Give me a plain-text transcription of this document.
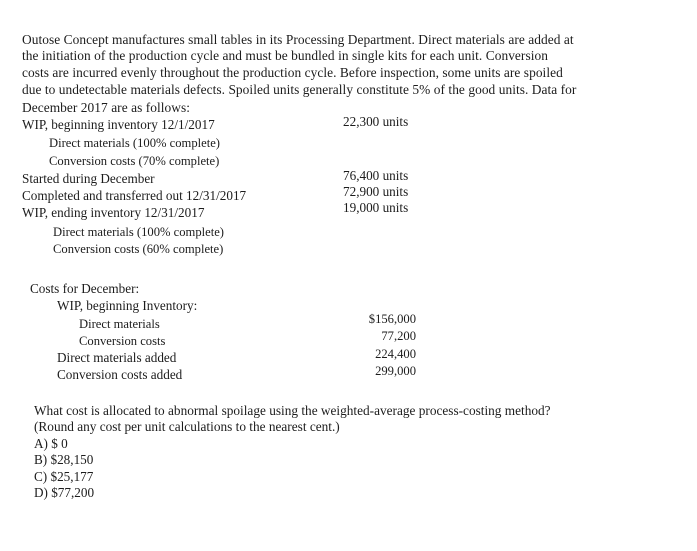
Outose Concept manufactures small tables in its Processing Department. Direct materials are added at
the initiation of the production cycle and must be bundled in single kits for each unit. Conversion
costs are incurred evenly throughout the production cycle. Before inspection, some units are spoiled
due to undetectable materials defects. Spoiled units generally constitute 5% of the good units. Data for
December 2017 are as follows:
WIP, beginning inventory 12/1/2017	22,300 units
Direct materials (100% complete)
Conversion costs (70% complete)
Started during December	76,400 units
Completed and transferred out 12/31/2017	72,900 units
WIP, ending inventory 12/31/2017	19,000 units
Direct materials (100% complete)
Conversion costs (60% complete)
Costs for December:
WIP, beginning Inventory:
Direct materials	$156,000
Conversion costs	77,200
Direct materials added	224,400
Conversion costs added	299,000
What cost is allocated to abnormal spoilage using the weighted-average process-costing method?
(Round any cost per unit calculations to the nearest cent.)
A) $ 0
B) $28,150
C) $25,177
D) $77,200
